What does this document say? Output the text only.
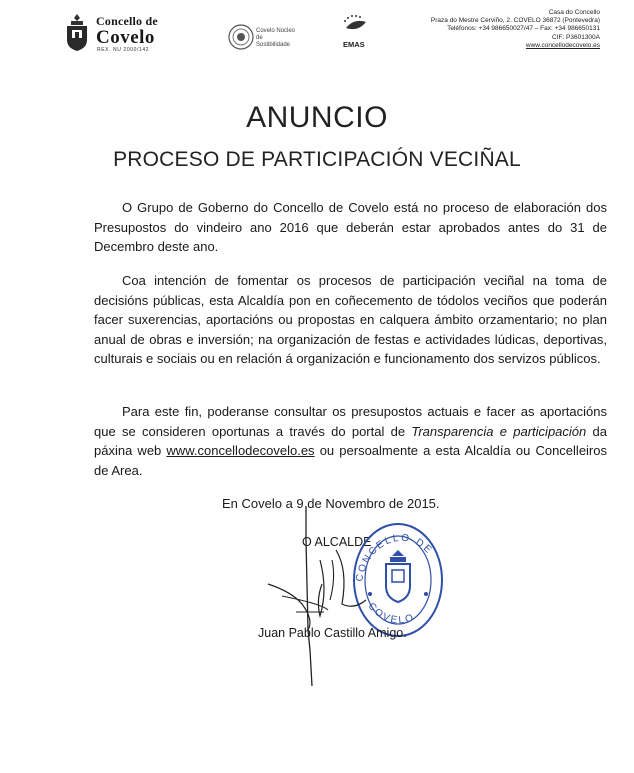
Concello de
Covelo
REX. NU 2000/142
Covelo Núcleo de Sostibilidade	EMAS
Casa do Concello
Praza do Mestre Cerviño, 2. COVELO 36872 (Pontevedra)
Teléfonos: +34 986650027/47 – Fax: +34 986650131
CIF: P3601300A
www.concellodecovelo.es
ANUNCIO
PROCESO DE PARTICIPACIÓN VECIÑAL
O Grupo de Goberno do Concello de Covelo está no proceso de elaboración dos Presupostos do vindeiro ano 2016 que deberán estar aprobados antes do 31 de Decembro deste ano.
Coa intención de fomentar os procesos de participación veciñal na toma de decisións públicas, esta Alcaldía pon en coñecemento de tódolos veciños que poderán facer suxerencias, aportacións ou propostas en calquera ámbito orzamentario; no plan anual de obras e inversión; na organización de festas e actividades lúdicas, deportivas, culturais e sociais ou en relación á organización e funcionamento dos servizos públicos.
Para este fin, poderanse consultar os presupostos actuais e facer as aportacións que se consideren oportunas a través do portal de Transparencia e participación da páxina web www.concellodecovelo.es ou persoalmente a esta Alcaldía ou Concelleiros de Area.
En Covelo a 9 de Novembro de 2015.
O ALCALDE
CONCELLO DE
COVELO
Juan Pablo Castillo Amigo.
